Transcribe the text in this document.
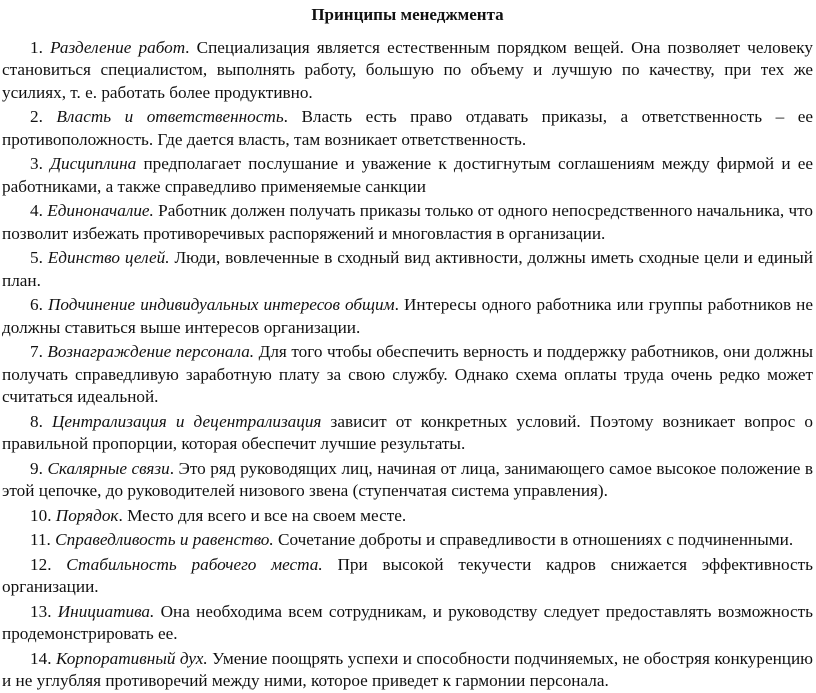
Принципы менеджмента

1. Разделение работ. Специализация является естественным порядком вещей. Она позволяет человеку становиться специалистом, выполнять работу, большую по объему и лучшую по качеству, при тех же усилиях, т. е. работать более продуктивно.

2. Власть и ответственность. Власть есть право отдавать приказы, а ответственность – ее противоположность. Где дается власть, там возникает ответственность.

3. Дисциплина предполагает послушание и уважение к достигнутым соглашениям между фирмой и ее работниками, а также справедливо применяемые санкции

4. Единоначалие. Работник должен получать приказы только от одного непосредственного начальника, что позволит избежать противоречивых распоряжений и многовластия в организации.

5. Единство целей. Люди, вовлеченные в сходный вид активности, должны иметь сходные цели и единый план.

6. Подчинение индивидуальных интересов общим. Интересы одного работника или группы работников не должны ставиться выше интересов организации.

7. Вознаграждение персонала. Для того чтобы обеспечить верность и поддержку работников, они должны получать справедливую заработную плату за свою службу. Однако схема оплаты труда очень редко может считаться идеальной.

8. Централизация и децентрализация зависит от конкретных условий. Поэтому возникает вопрос о правильной пропорции, которая обеспечит лучшие результаты.

9. Скалярные связи. Это ряд руководящих лиц, начиная от лица, занимающего самое высокое положение в этой цепочке, до руководителей низового звена (ступенчатая система управления).

10. Порядок. Место для всего и все на своем месте.

11. Справедливость и равенство. Сочетание доброты и справедливости в отношениях с подчиненными.

12. Стабильность рабочего места. При высокой текучести кадров снижается эффективность организации.

13. Инициатива. Она необходима всем сотрудникам, и руководству следует предоставлять возможность продемонстрировать ее.

14. Корпоративный дух. Умение поощрять успехи и способности подчиняемых, не обостряя конкуренцию и не углубляя противоречий между ними, которое приведет к гармонии персонала.
